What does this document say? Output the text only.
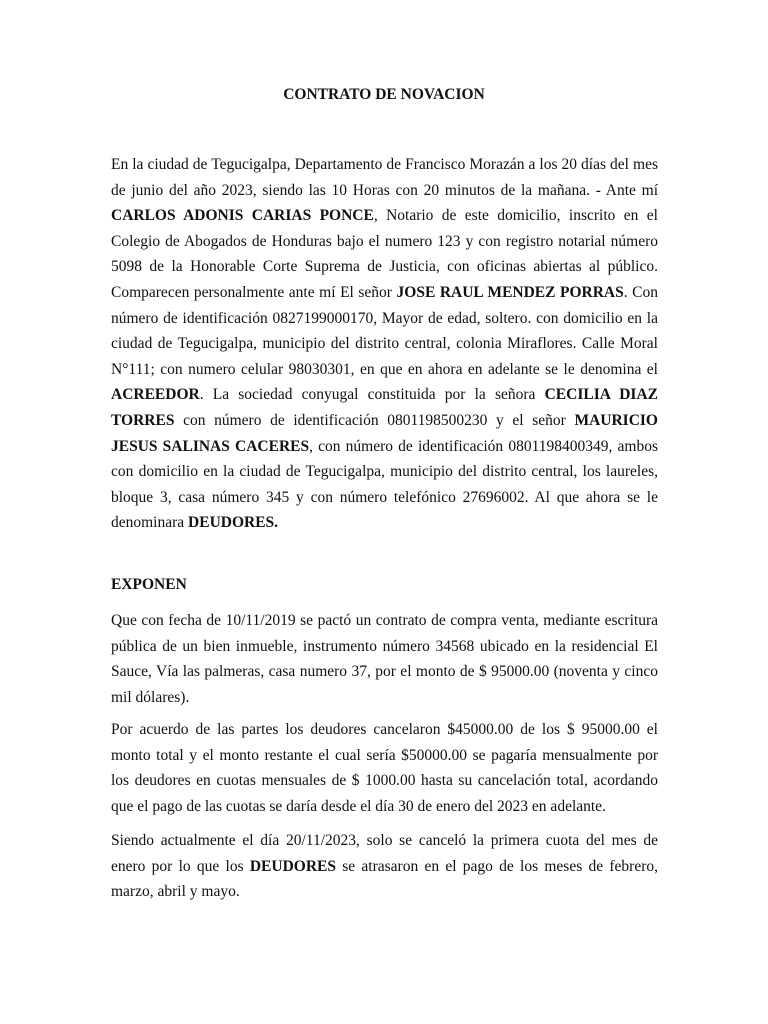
CONTRATO DE NOVACION

En la ciudad de Tegucigalpa, Departamento de Francisco Morazán a los 20 días del mes de junio del año 2023, siendo las 10 Horas con 20 minutos de la mañana. - Ante mí CARLOS ADONIS CARIAS PONCE, Notario de este domicilio, inscrito en el Colegio de Abogados de Honduras bajo el numero 123 y con registro notarial número 5098 de la Honorable Corte Suprema de Justicia, con oficinas abiertas al público. Comparecen personalmente ante mí El señor JOSE RAUL MENDEZ PORRAS. Con número de identificación 0827199000170, Mayor de edad, soltero. con domicilio en la ciudad de Tegucigalpa, municipio del distrito central, colonia Miraflores. Calle Moral N°111; con numero celular 98030301, en que en ahora en adelante se le denomina el ACREEDOR. La sociedad conyugal constituida por la señora CECILIA DIAZ TORRES con número de identificación 0801198500230 y el señor MAURICIO JESUS SALINAS CACERES, con número de identificación 0801198400349, ambos con domicilio en la ciudad de Tegucigalpa, municipio del distrito central, los laureles, bloque 3, casa número 345 y con número telefónico 27696002. Al que ahora se le denominara DEUDORES.

EXPONEN

Que con fecha de 10/11/2019 se pactó un contrato de compra venta, mediante escritura pública de un bien inmueble, instrumento número 34568 ubicado en la residencial El Sauce, Vía las palmeras, casa numero 37, por el monto de $ 95000.00 (noventa y cinco mil dólares).

Por acuerdo de las partes los deudores cancelaron $45000.00 de los $ 95000.00 el monto total y el monto restante el cual sería $50000.00 se pagaría mensualmente por los deudores en cuotas mensuales de $ 1000.00 hasta su cancelación total, acordando que el pago de las cuotas se daría desde el día 30 de enero del 2023 en adelante.

Siendo actualmente el día 20/11/2023, solo se canceló la primera cuota del mes de enero por lo que los DEUDORES se atrasaron en el pago de los meses de febrero, marzo, abril y mayo.
